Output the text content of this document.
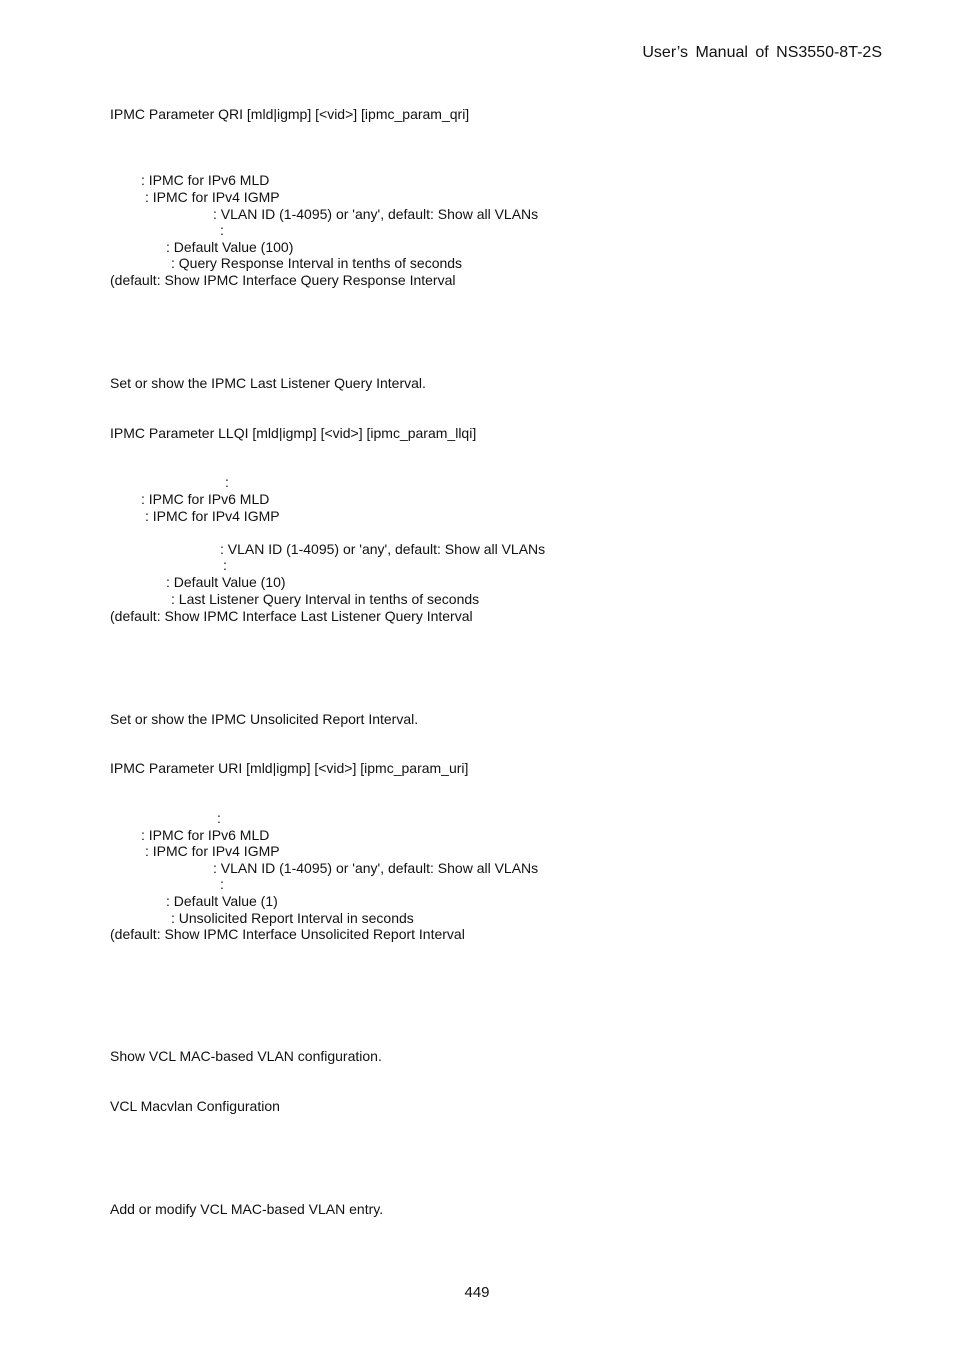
User’s Manual of NS3550-8T-2S
IPMC Parameter QRI [mld|igmp] [<vid>] [ipmc_param_qri]
: IPMC for IPv6 MLD
: IPMC for IPv4 IGMP
: VLAN ID (1-4095) or 'any', default: Show all VLANs
:
: Default Value (100)
: Query Response Interval in tenths of seconds
(default: Show IPMC Interface Query Response Interval
Set or show the IPMC Last Listener Query Interval.
IPMC Parameter LLQI [mld|igmp] [<vid>] [ipmc_param_llqi]
:
: IPMC for IPv6 MLD
: IPMC for IPv4 IGMP
: VLAN ID (1-4095) or 'any', default: Show all VLANs
:
: Default Value (10)
: Last Listener Query Interval in tenths of seconds
(default: Show IPMC Interface Last Listener Query Interval
Set or show the IPMC Unsolicited Report Interval.
IPMC Parameter URI [mld|igmp] [<vid>] [ipmc_param_uri]
:
: IPMC for IPv6 MLD
: IPMC for IPv4 IGMP
: VLAN ID (1-4095) or 'any', default: Show all VLANs
:
: Default Value (1)
: Unsolicited Report Interval in seconds
(default: Show IPMC Interface Unsolicited Report Interval
Show VCL MAC-based VLAN configuration.
VCL Macvlan Configuration
Add or modify VCL MAC-based VLAN entry.
449
